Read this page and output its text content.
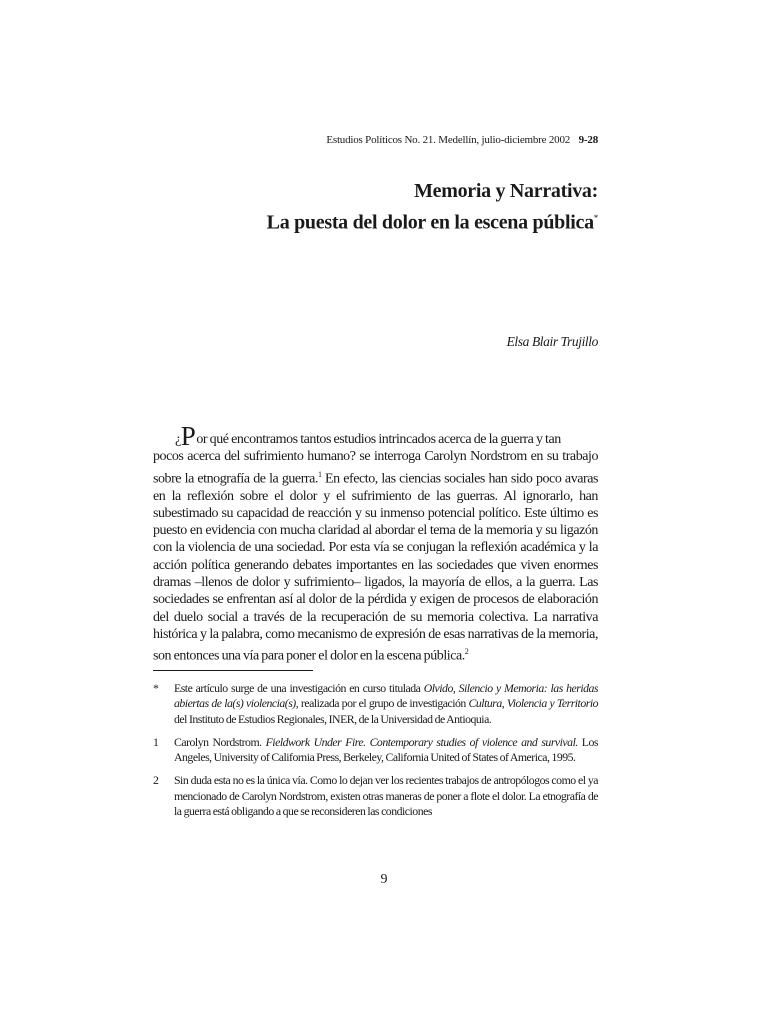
Estudios Políticos No. 21. Medellín, julio-diciembre 2002 9-28
Memoria y Narrativa:
La puesta del dolor en la escena pública*
Elsa Blair Trujillo
¿Por qué encontramos tantos estudios intrincados acerca de la guerra y tan
pocos acerca del sufrimiento humano? se interroga Carolyn Nordstrom en su trabajo sobre la etnografía de la guerra.$^1$ En efecto, las ciencias sociales han sido poco avaras en la reflexión sobre el dolor y el sufrimiento de las guerras. Al ignorarlo, han subestimado su capacidad de reacción y su inmenso potencial político. Este último es puesto en evidencia con mucha claridad al abordar el tema de la memoria y su ligazón con la violencia de una sociedad. Por esta vía se conjugan la reflexión académica y la acción política generando debates importantes en las sociedades que viven enormes dramas –llenos de dolor y sufrimiento– ligados, la mayoría de ellos, a la guerra. Las sociedades se enfrentan así al dolor de la pérdida y exigen de procesos de elaboración del duelo social a través de la recuperación de su memoria colectiva. La narrativa histórica y la palabra, como mecanismo de expresión de esas narrativas de la memoria, son entonces una vía para poner el dolor en la escena pública.$^2$
*	Este artículo surge de una investigación en curso titulada Olvido, Silencio y Memoria: las heridas abiertas de la(s) violencia(s), realizada por el grupo de investigación Cultura, Violencia y Territorio del Instituto de Estudios Regionales, INER, de la Universidad de Antioquia.
1	Carolyn Nordstrom. Fieldwork Under Fire. Contemporary studies of violence and survival. Los Angeles, University of California Press, Berkeley, California United of States of America, 1995.
2	Sin duda esta no es la única vía. Como lo dejan ver los recientes trabajos de antropólogos como el ya mencionado de Carolyn Nordstrom, existen otras maneras de poner a flote el dolor. La etnografía de la guerra está obligando a que se reconsideren las condiciones
9
